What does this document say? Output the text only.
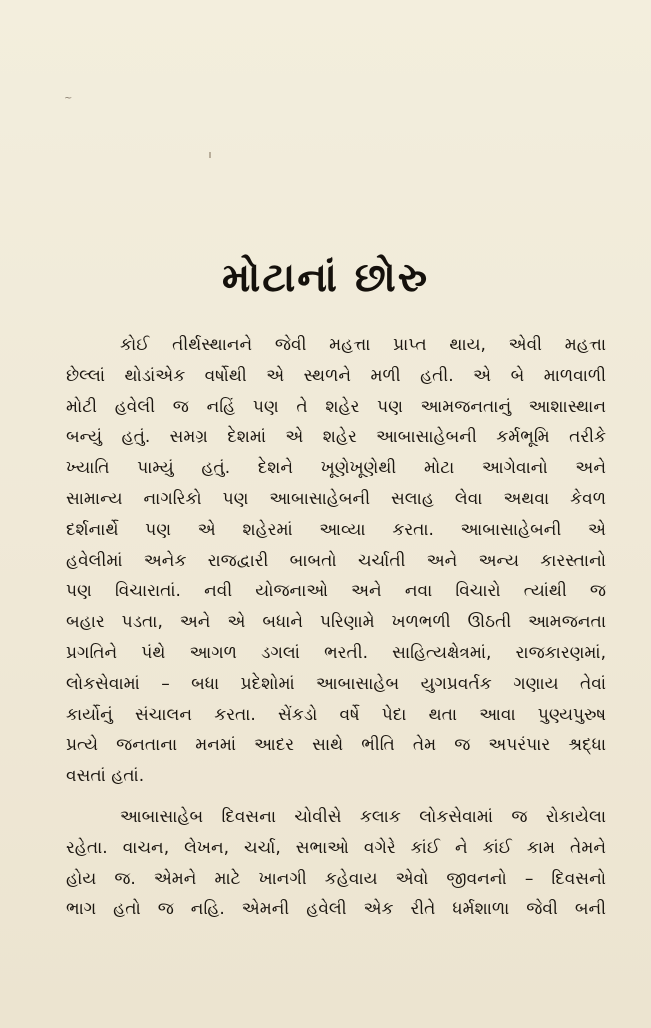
~
મોટાનાં છોરુ
કોઈ તીર્થસ્થાનને જેવી મહત્તા પ્રાપ્ત થાય, એવી મહત્તા
છેલ્લાં થોડાંએક વર્ષોથી એ સ્થળને મળી હતી. એ બે માળવાળી
મોટી હવેલી જ નહિં પણ તે શહેર પણ આમજનતાનું આશાસ્થાન
બન્યું હતું. સમગ્ર દેશમાં એ શહેર આબાસાહેબની કર્મભૂમિ તરીકે
ખ્યાતિ પામ્યું હતું. દેશને ખૂણેખૂણેથી મોટા આગેવાનો અને
સામાન્ય નાગરિકો પણ આબાસાહેબની સલાહ લેવા અથવા કેવળ
દર્શનાર્થે પણ એ શહેરમાં આવ્યા કરતા. આબાસાહેબની એ
હવેલીમાં અનેક રાજદ્વારી બાબતો ચર્ચાતી અને અન્ય કારસ્તાનો
પણ વિચારાતાં. નવી યોજનાઓ અને નવા વિચારો ત્યાંથી જ
બહાર પડતા, અને એ બધાને પરિણામે ખળભળી ઊઠતી આમજનતા
પ્રગતિને પંથે આગળ ડગલાં ભરતી. સાહિત્યક્ષેત્રમાં, રાજકારણમાં,
લોકસેવામાં – બધા પ્રદેશોમાં આબાસાહેબ યુગપ્રવર્તક ગણાય તેવાં
કાર્યોનું સંચાલન કરતા. સેંકડો વર્ષે પેદા થતા આવા પુણ્યપુરુષ
પ્રત્યે જનતાના મનમાં આદર સાથે ભીતિ તેમ જ અપરંપાર શ્રદ્ધા
વસતાં હતાં.
આબાસાહેબ દિવસના ચોવીસે કલાક લોકસેવામાં જ રોકાયેલા
રહેતા. વાચન, લેખન, ચર્ચા, સભાઓ વગેરે કાંઈ ને કાંઈ કામ તેમને
હોય જ. એમને માટે ખાનગી કહેવાય એવો જીવનનો – દિવસનો
ભાગ હતો જ નહિ. એમની હવેલી એક રીતે ધર્મશાળા જેવી બની
